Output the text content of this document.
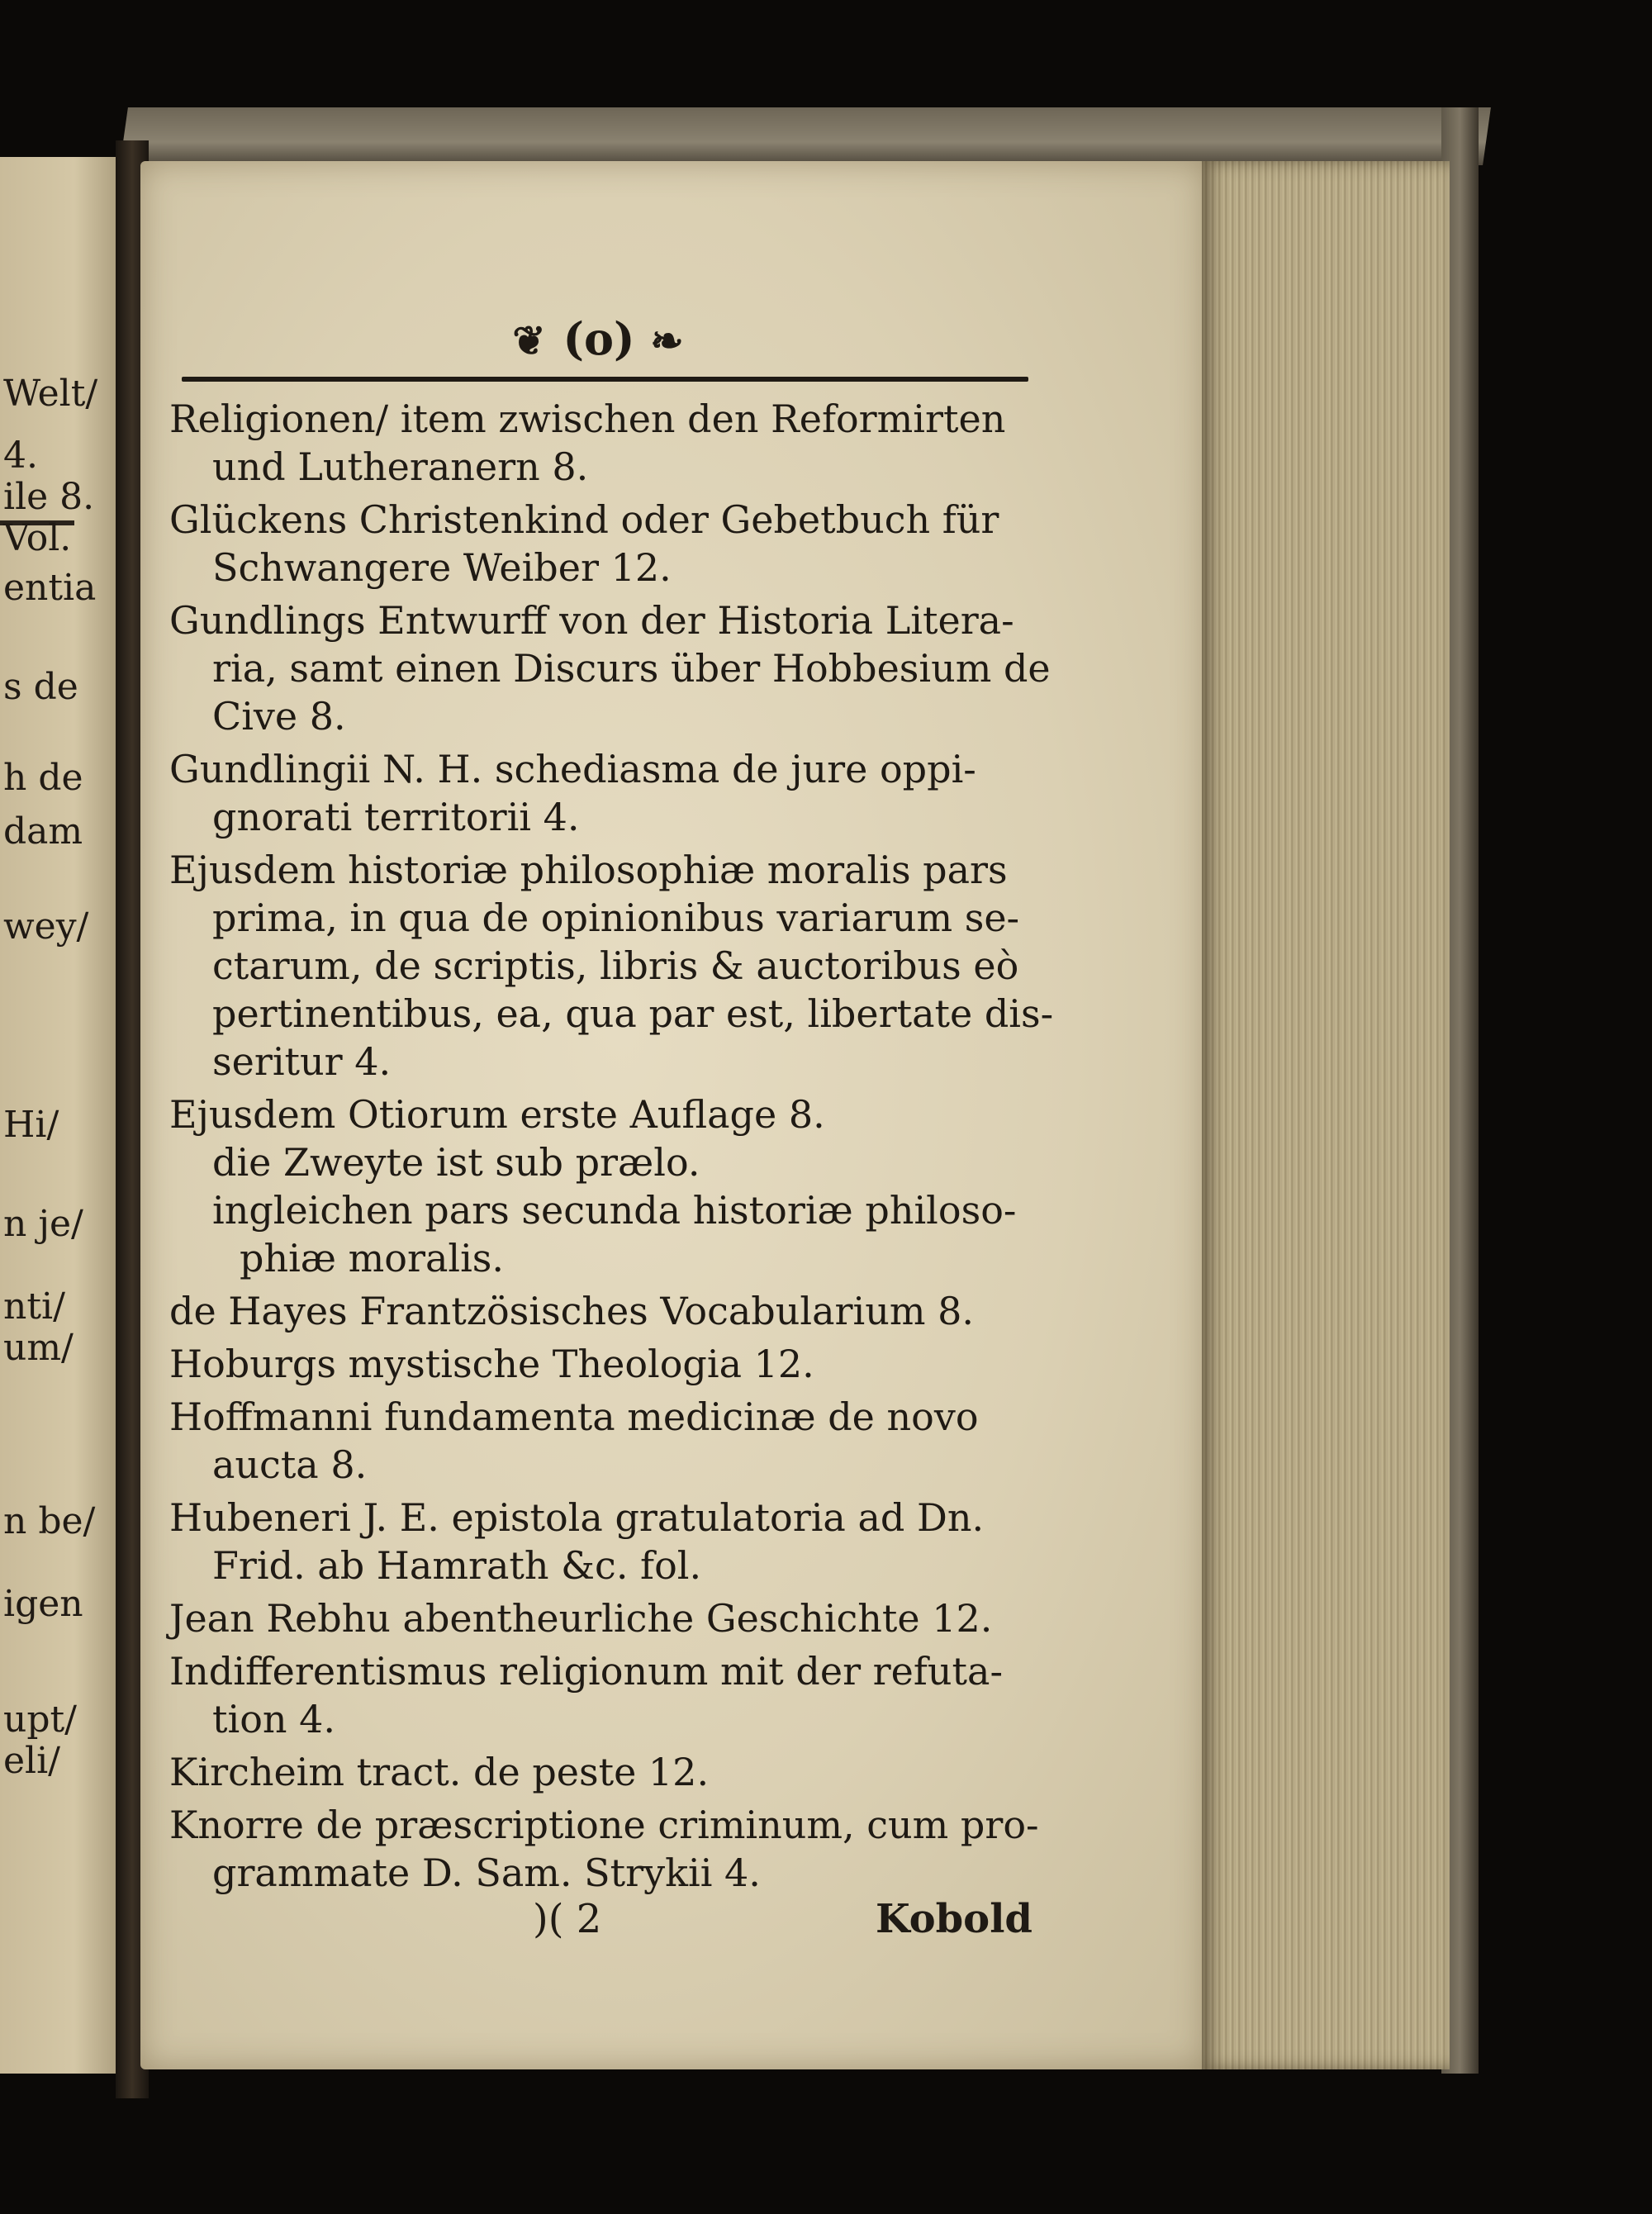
Welt/
4.
ile 8.
Vol.
entia
s de
h de
dam
wey/
Hi/
n je/
nti/
um/
n be/
igen
upt/
eli/
❦ (o) ❧
Religionen/ item zwischen den Reformirten
und Lutheranern 8.
Glückens Christenkind oder Gebetbuch für
Schwangere Weiber 12.
Gundlings Entwurff von der Historia Litera-
ria, samt einen Discurs über Hobbesium de
Cive 8.
Gundlingii N. H. schediasma de jure oppi-
gnorati territorii 4.
Ejusdem historiæ philosophiæ moralis pars
prima, in qua de opinionibus variarum se-
ctarum, de scriptis, libris & auctoribus eò
pertinentibus, ea, qua par est, libertate dis-
seritur 4.
Ejusdem Otiorum erste Auflage 8.
die Zweyte ist sub prælo.
ingleichen pars secunda historiæ philoso-
phiæ moralis.
de Hayes Frantzösisches Vocabularium 8.
Hoburgs mystische Theologia 12.
Hoffmanni fundamenta medicinæ de novo
aucta 8.
Hubeneri J. E. epistola gratulatoria ad Dn.
Frid. ab Hamrath &c. fol.
Jean Rebhu abentheurliche Geschichte 12.
Indifferentismus religionum mit der refuta-
tion 4.
Kircheim tract. de peste 12.
Knorre de præscriptione criminum, cum pro-
grammate D. Sam. Strykii 4.
)( 2	Kobold
